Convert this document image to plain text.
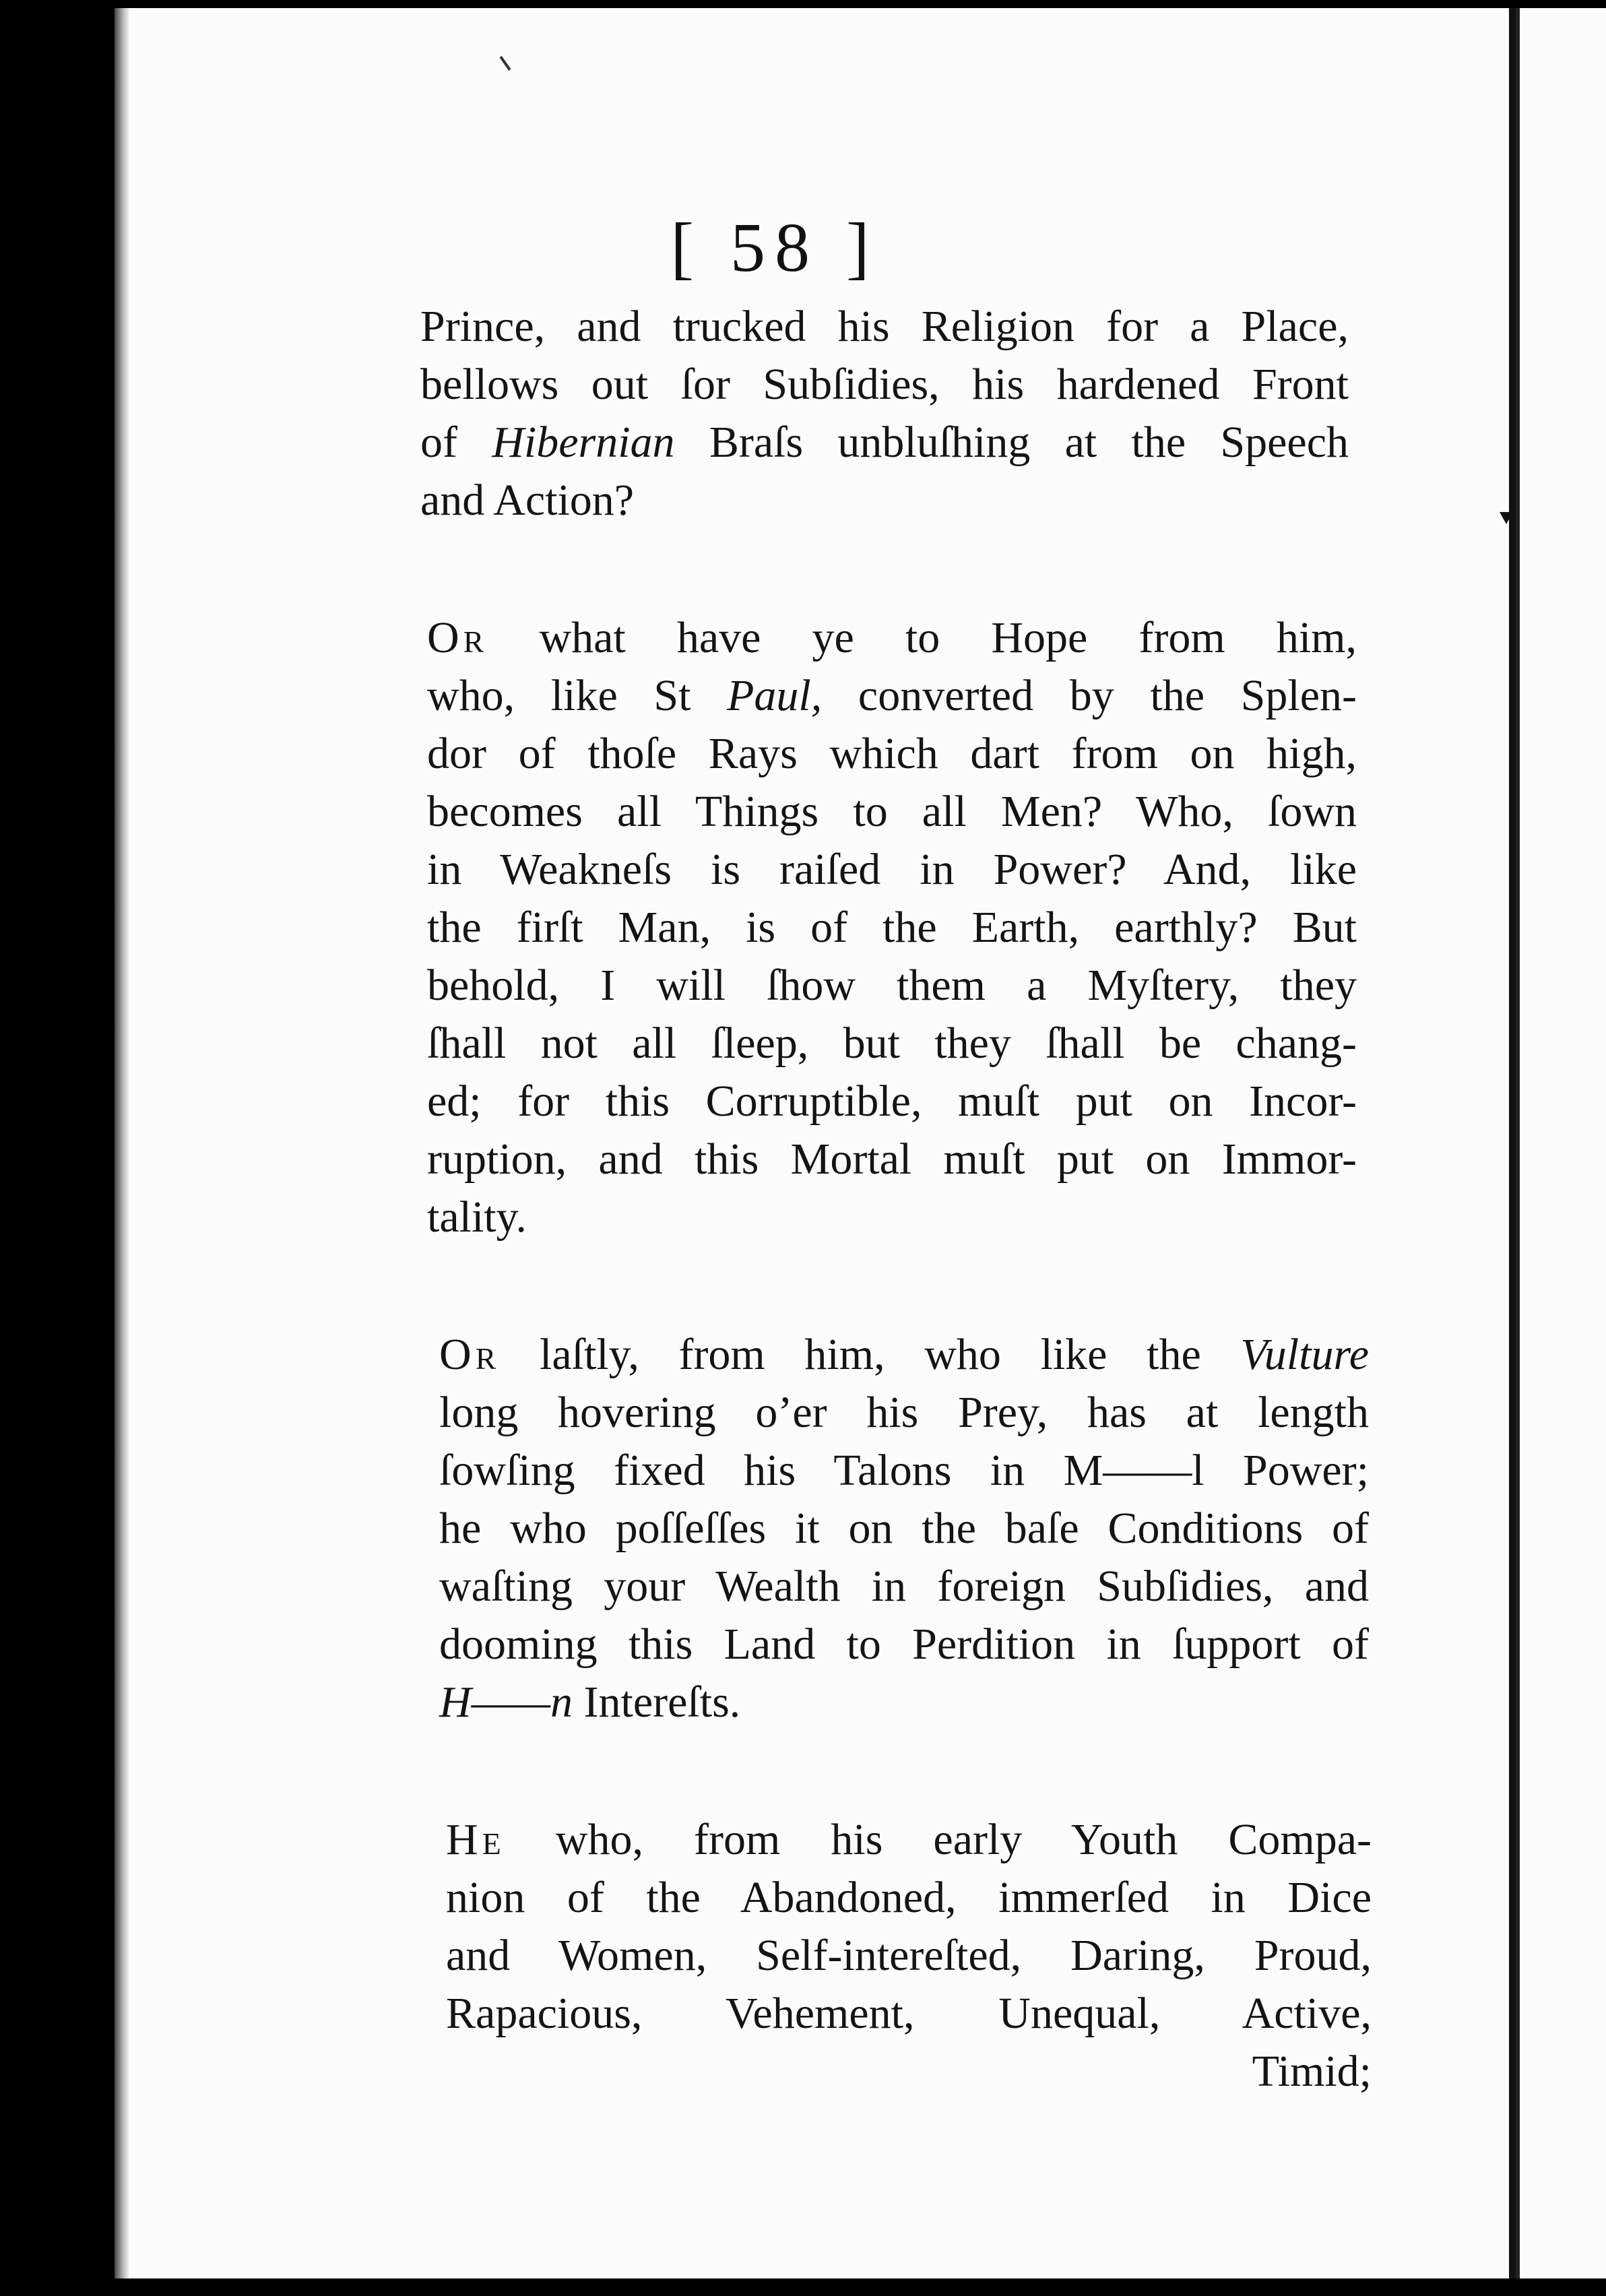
[ 58 ]
Prince, and trucked his Religion for a Place,
bellows out ſor Subſidies, his hardened Front
of Hibernian Braſs unbluſhing at the Speech
and Action?
Or what have ye to Hope from him,
who, like St Paul, converted by the Splen-
dor of thoſe Rays which dart from on high,
becomes all Things to all Men? Who, ſown
in Weakneſs is raiſed in Power? And, like
the firſt Man, is of the Earth, earthly? But
behold, I will ſhow them a Myſtery, they
ſhall not all ſleep, but they ſhall be chang-
ed; for this Corruptible, muſt put on Incor-
ruption, and this Mortal muſt put on Immor-
tality.
Or laſtly, from him, who like the Vulture
long hovering o’er his Prey, has at length
ſowſing fixed his Talons in M——l Power;
he who poſſeſſes it on the baſe Conditions of
waſting your Wealth in foreign Subſidies, and
dooming this Land to Perdition in ſupport of
H——n Intereſts.
He who, from his early Youth Compa-
nion of the Abandoned, immerſed in Dice
and Women, Self-intereſted, Daring, Proud,
Rapacious, Vehement, Unequal, Active,
Timid;
